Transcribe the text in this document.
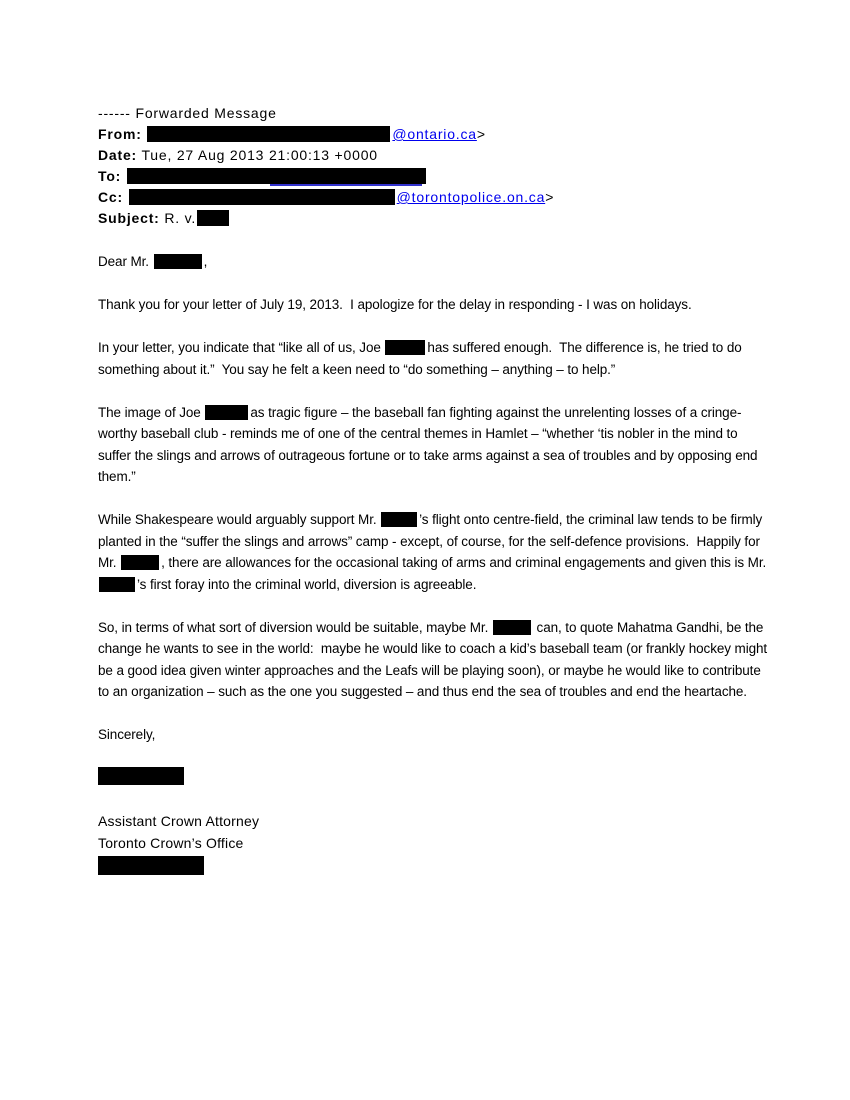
------ Forwarded Message
From:	@ontario.ca>
Date: Tue, 27 Aug 2013 21:00:13 +0000
To:
Cc:	@torontopolice.on.ca>
Subject: R. v.

Dear Mr.	,

Thank you for your letter of July 19, 2013.  I apologize for the delay in responding - I was on holidays.

In your letter, you indicate that “like all of us, Joe	has suffered enough.  The difference is, he tried to do something about it.”  You say he felt a keen need to “do something – anything – to help.”

The image of Joe	as tragic figure – the baseball fan fighting against the unrelenting losses of a cringe-worthy baseball club - reminds me of one of the central themes in Hamlet – “whether ‘tis nobler in the mind to suffer the slings and arrows of outrageous fortune or to take arms against a sea of troubles and by opposing end them.”

While Shakespeare would arguably support Mr.	’s flight onto centre-field, the criminal law tends to be firmly planted in the “suffer the slings and arrows” camp - except, of course, for the self-defence provisions.  Happily for Mr.	, there are allowances for the occasional taking of arms and criminal engagements and given this is Mr. ’s first foray into the criminal world, diversion is agreeable.

So, in terms of what sort of diversion would be suitable, maybe Mr.	can, to quote Mahatma Gandhi, be the change he wants to see in the world:  maybe he would like to coach a kid’s baseball team (or frankly hockey might be a good idea given winter approaches and the Leafs will be playing soon), or maybe he would like to contribute to an organization – such as the one you suggested – and thus end the sea of troubles and end the heartache.

Sincerely,

Assistant Crown Attorney
Toronto Crown’s Office
